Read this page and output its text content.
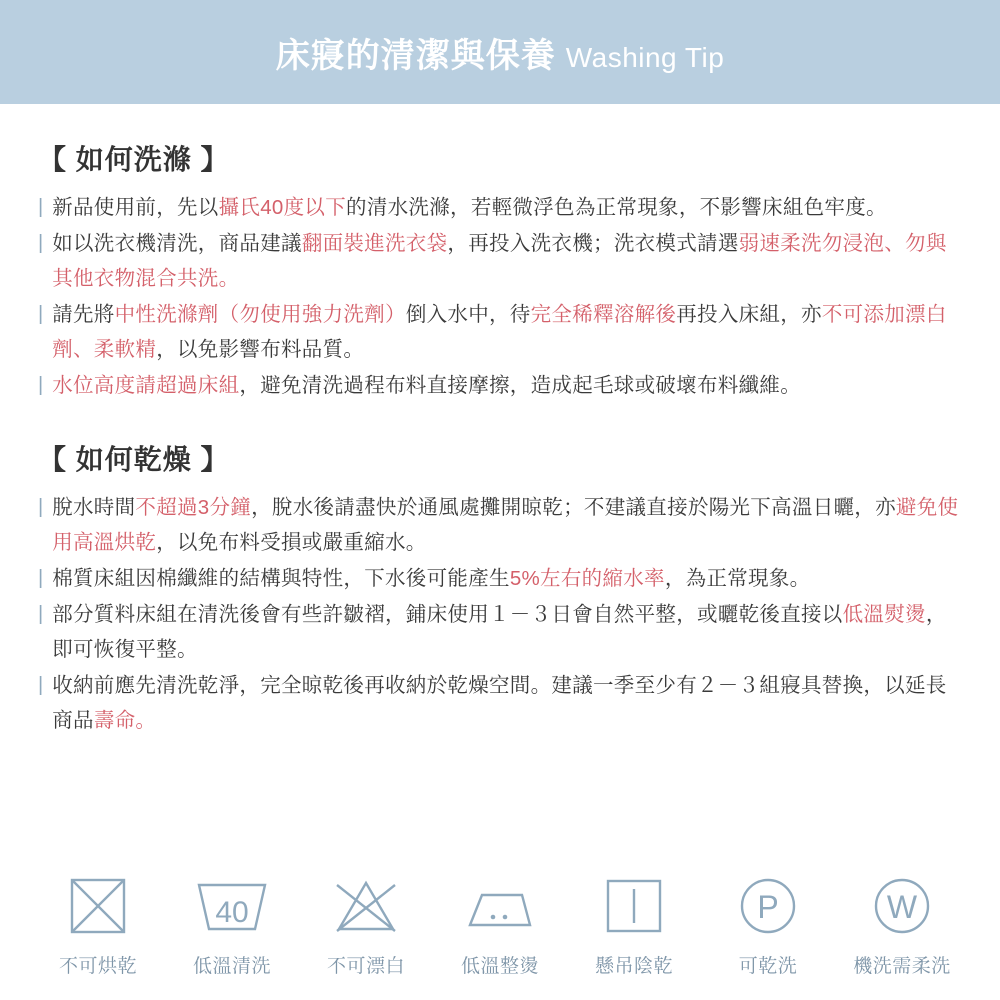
床寢的清潔與保養 Washing Tip
【 如何洗滌 】
| 新品使用前，先以攝氏40度以下的清水洗滌，若輕微浮色為正常現象，不影響床組色牢度。
| 如以洗衣機清洗，商品建議翻面裝進洗衣袋，再投入洗衣機；洗衣模式請選弱速柔洗勿浸泡、勿與其他衣物混合共洗。
| 請先將中性洗滌劑（勿使用強力洗劑）倒入水中，待完全稀釋溶解後再投入床組，亦不可添加漂白劑、柔軟精，以免影響布料品質。
| 水位高度請超過床組，避免清洗過程布料直接摩擦，造成起毛球或破壞布料纖維。
【 如何乾燥 】
| 脫水時間不超過3分鐘，脫水後請盡快於通風處攤開晾乾；不建議直接於陽光下高溫日曬，亦避免使用高溫烘乾，以免布料受損或嚴重縮水。
| 棉質床組因棉纖維的結構與特性，下水後可能產生5%左右的縮水率，為正常現象。
| 部分質料床組在清洗後會有些許皺褶，鋪床使用１－３日會自然平整，或曬乾後直接以低溫熨燙，即可恢復平整。
| 收納前應先清洗乾淨，完全晾乾後再收納於乾燥空間。建議一季至少有２－３組寢具替換，以延長商品壽命。
不可烘乾
40
低溫清洗	不可漂白	低溫整燙	懸吊陰乾
P
可乾洗
W
機洗需柔洗
